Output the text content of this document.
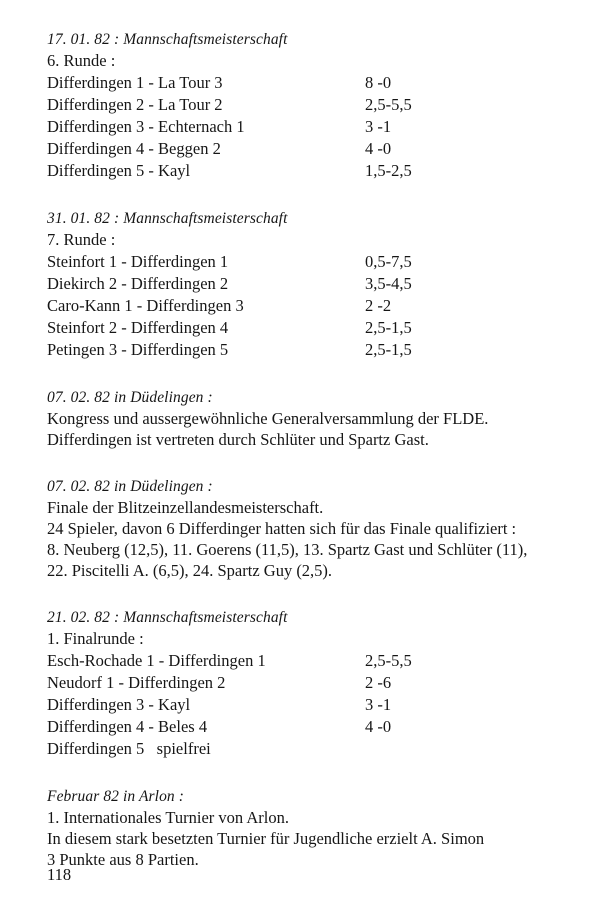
17. 01. 82 : Mannschaftsmeisterschaft
6. Runde :
Differdingen 1 - La Tour 3	8 -0
Differdingen 2 - La Tour 2	2,5-5,5
Differdingen 3 - Echternach 1	3 -1
Differdingen 4 - Beggen 2	4 -0
Differdingen 5 - Kayl	1,5-2,5
31. 01. 82 : Mannschaftsmeisterschaft
7. Runde :
Steinfort 1 - Differdingen 1	0,5-7,5
Diekirch 2 - Differdingen 2	3,5-4,5
Caro-Kann 1 - Differdingen 3	2 -2
Steinfort 2 - Differdingen 4	2,5-1,5
Petingen 3 - Differdingen 5	2,5-1,5
07. 02. 82 in Düdelingen :
Kongress und aussergewöhnliche Generalversammlung der FLDE.
Differdingen ist vertreten durch Schlüter und Spartz Gast.
07. 02. 82 in Düdelingen :
Finale der Blitzeinzellandesmeisterschaft.
24 Spieler, davon 6 Differdinger hatten sich für das Finale qualifiziert :
8. Neuberg (12,5), 11. Goerens (11,5), 13. Spartz Gast und Schlüter (11),
22. Piscitelli A. (6,5), 24. Spartz Guy (2,5).
21. 02. 82 : Mannschaftsmeisterschaft
1. Finalrunde :
Esch-Rochade 1 - Differdingen 1	2,5-5,5
Neudorf 1 - Differdingen 2	2 -6
Differdingen 3 - Kayl	3 -1
Differdingen 4 - Beles 4	4 -0
Differdingen 5   spielfrei
Februar 82 in Arlon :
1. Internationales Turnier von Arlon.
In diesem stark besetzten Turnier für Jugendliche erzielt A. Simon
3 Punkte aus 8 Partien.
118
